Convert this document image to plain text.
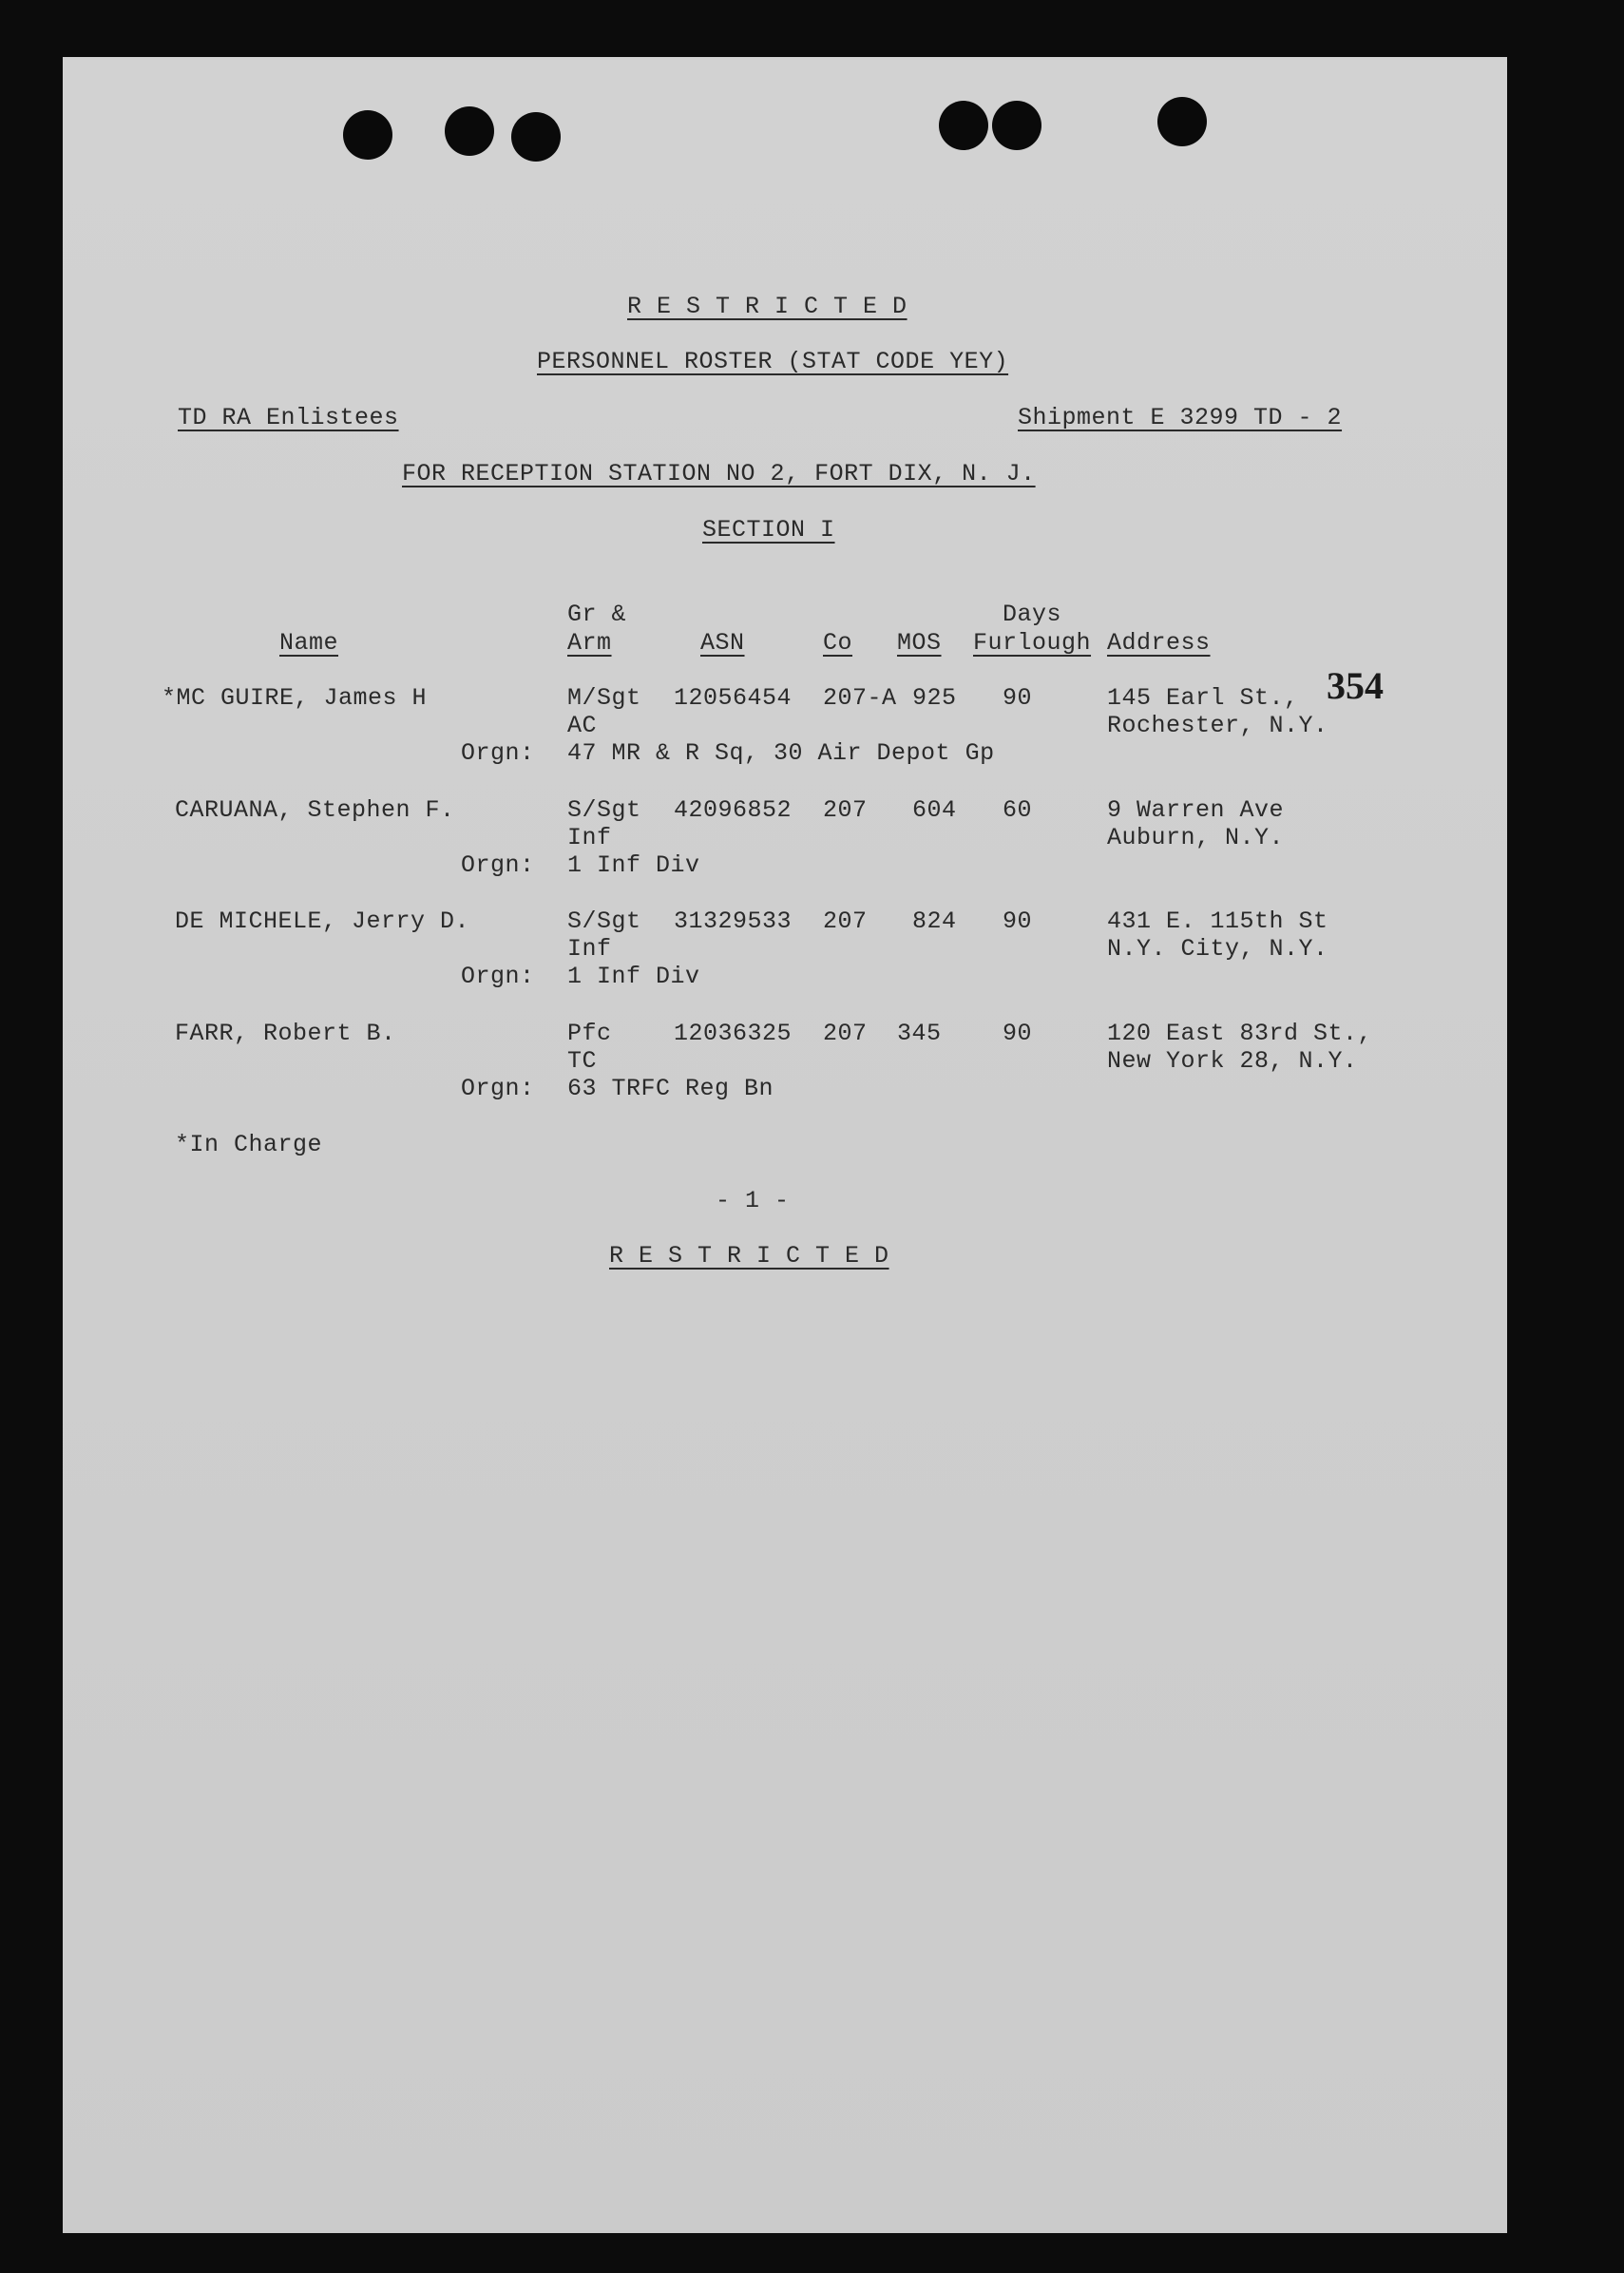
R E S T R I C T E D
PERSONNEL ROSTER (STAT CODE YEY)
TD RA Enlistees	Shipment E 3299 TD - 2
FOR RECEPTION STATION NO 2, FORT DIX, N. J.
SECTION I
Gr &	Days
Name	Arm	ASN	Co MOS Furlough Address
*MC GUIRE, James H	M/Sgt 12056454 207-A 925 90	145 Earl St.,
AC	Rochester, N.Y.
Orgn: 47 MR & R Sq, 30 Air Depot Gp
CARUANA, Stephen F.	S/Sgt 42096852 207 604 60	9 Warren Ave
Inf	Auburn, N.Y.
Orgn: 1 Inf Div
DE MICHELE, Jerry D.	S/Sgt 31329533 207 824 90	431 E. 115th St
Inf	N.Y. City, N.Y.
Orgn: 1 Inf Div
FARR, Robert B.	Pfc	12036325 207 345	90	120 East 83rd St.,
TC	New York 28, N.Y.
Orgn: 63 TRFC Reg Bn
*In Charge
- 1 -
R E S T R I C T E D
354
